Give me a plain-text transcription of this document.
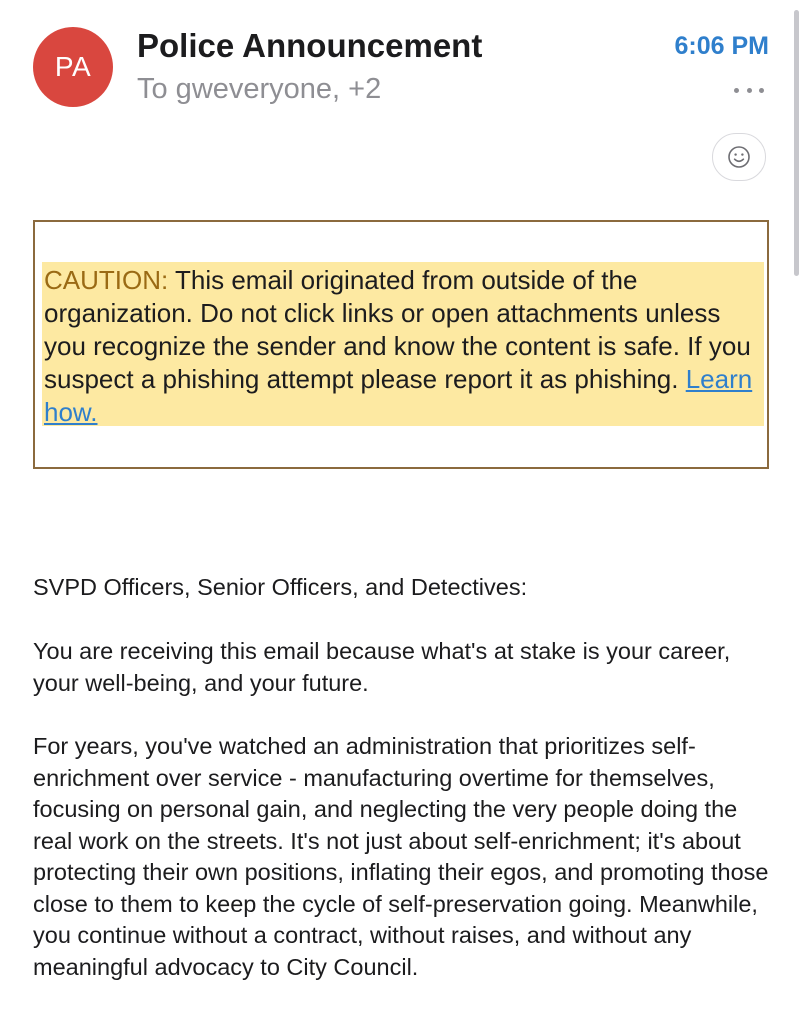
PA
Police Announcement
To gweveryone, +2
6:06 PM
CAUTION: This email originated from outside of the organization. Do not click links or open attachments unless you recognize the sender and know the content is safe. If you suspect a phishing attempt please report it as phishing. Learn how.

SVPD Officers, Senior Officers, and Detectives:

You are receiving this email because what's at stake is your career, your well-being, and your future.

For years, you've watched an administration that prioritizes self-enrichment over service - manufacturing overtime for themselves, focusing on personal gain, and neglecting the very people doing the real work on the streets. It's not just about self-enrichment; it's about protecting their own positions, inflating their egos, and promoting those close to them to keep the cycle of self-preservation going. Meanwhile, you continue without a contract, without raises, and without any meaningful advocacy to City Council.
